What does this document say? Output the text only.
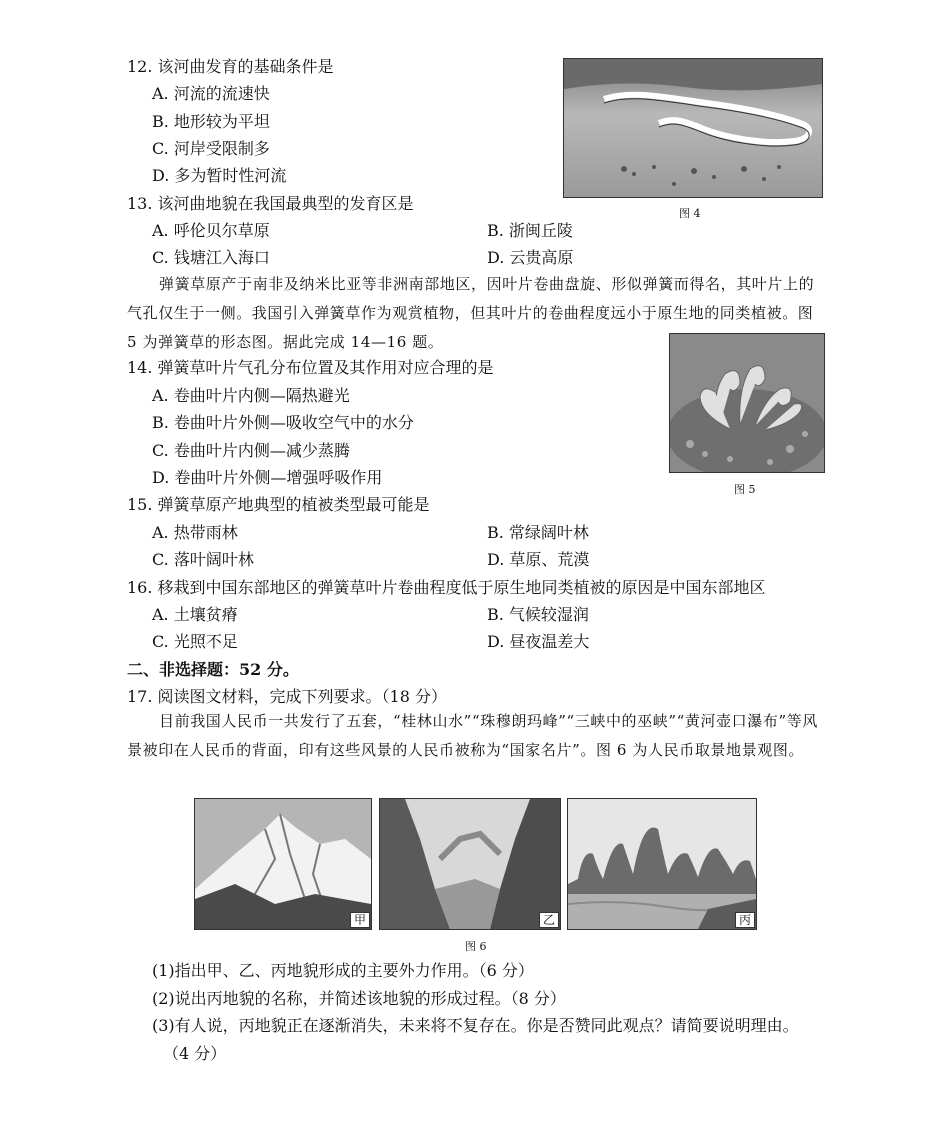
12. 该河曲发育的基础条件是
A. 河流的流速快
B. 地形较为平坦
C. 河岸受限制多
D. 多为暂时性河流
图 4
13. 该河曲地貌在我国最典型的发育区是
A. 呼伦贝尔草原	B. 浙闽丘陵
C. 钱塘江入海口	D. 云贵高原
弹簧草原产于南非及纳米比亚等非洲南部地区，因叶片卷曲盘旋、形似弹簧而得名，其叶片上的气孔仅生于一侧。我国引入弹簧草作为观赏植物，但其叶片的卷曲程度远小于原生地的同类植被。图 5 为弹簧草的形态图。据此完成 14—16 题。
图 5
14. 弹簧草叶片气孔分布位置及其作用对应合理的是
A. 卷曲叶片内侧—隔热避光
B. 卷曲叶片外侧—吸收空气中的水分
C. 卷曲叶片内侧—减少蒸腾
D. 卷曲叶片外侧—增强呼吸作用
15. 弹簧草原产地典型的植被类型最可能是
A. 热带雨林	B. 常绿阔叶林
C. 落叶阔叶林	D. 草原、荒漠
16. 移栽到中国东部地区的弹簧草叶片卷曲程度低于原生地同类植被的原因是中国东部地区
A. 土壤贫瘠	B. 气候较湿润
C. 光照不足	D. 昼夜温差大
二、非选择题：52 分。
17. 阅读图文材料，完成下列要求。（18 分）
目前我国人民币一共发行了五套，“桂林山水”“珠穆朗玛峰”“三峡中的巫峡”“黄河壶口瀑布”等风景被印在人民币的背面，印有这些风景的人民币被称为“国家名片”。图 6 为人民币取景地景观图。
甲	乙	丙
图 6
(1)指出甲、乙、丙地貌形成的主要外力作用。（6 分）
(2)说出丙地貌的名称，并简述该地貌的形成过程。（8 分）
(3)有人说，丙地貌正在逐渐消失，未来将不复存在。你是否赞同此观点？请简要说明理由。
（4 分）
